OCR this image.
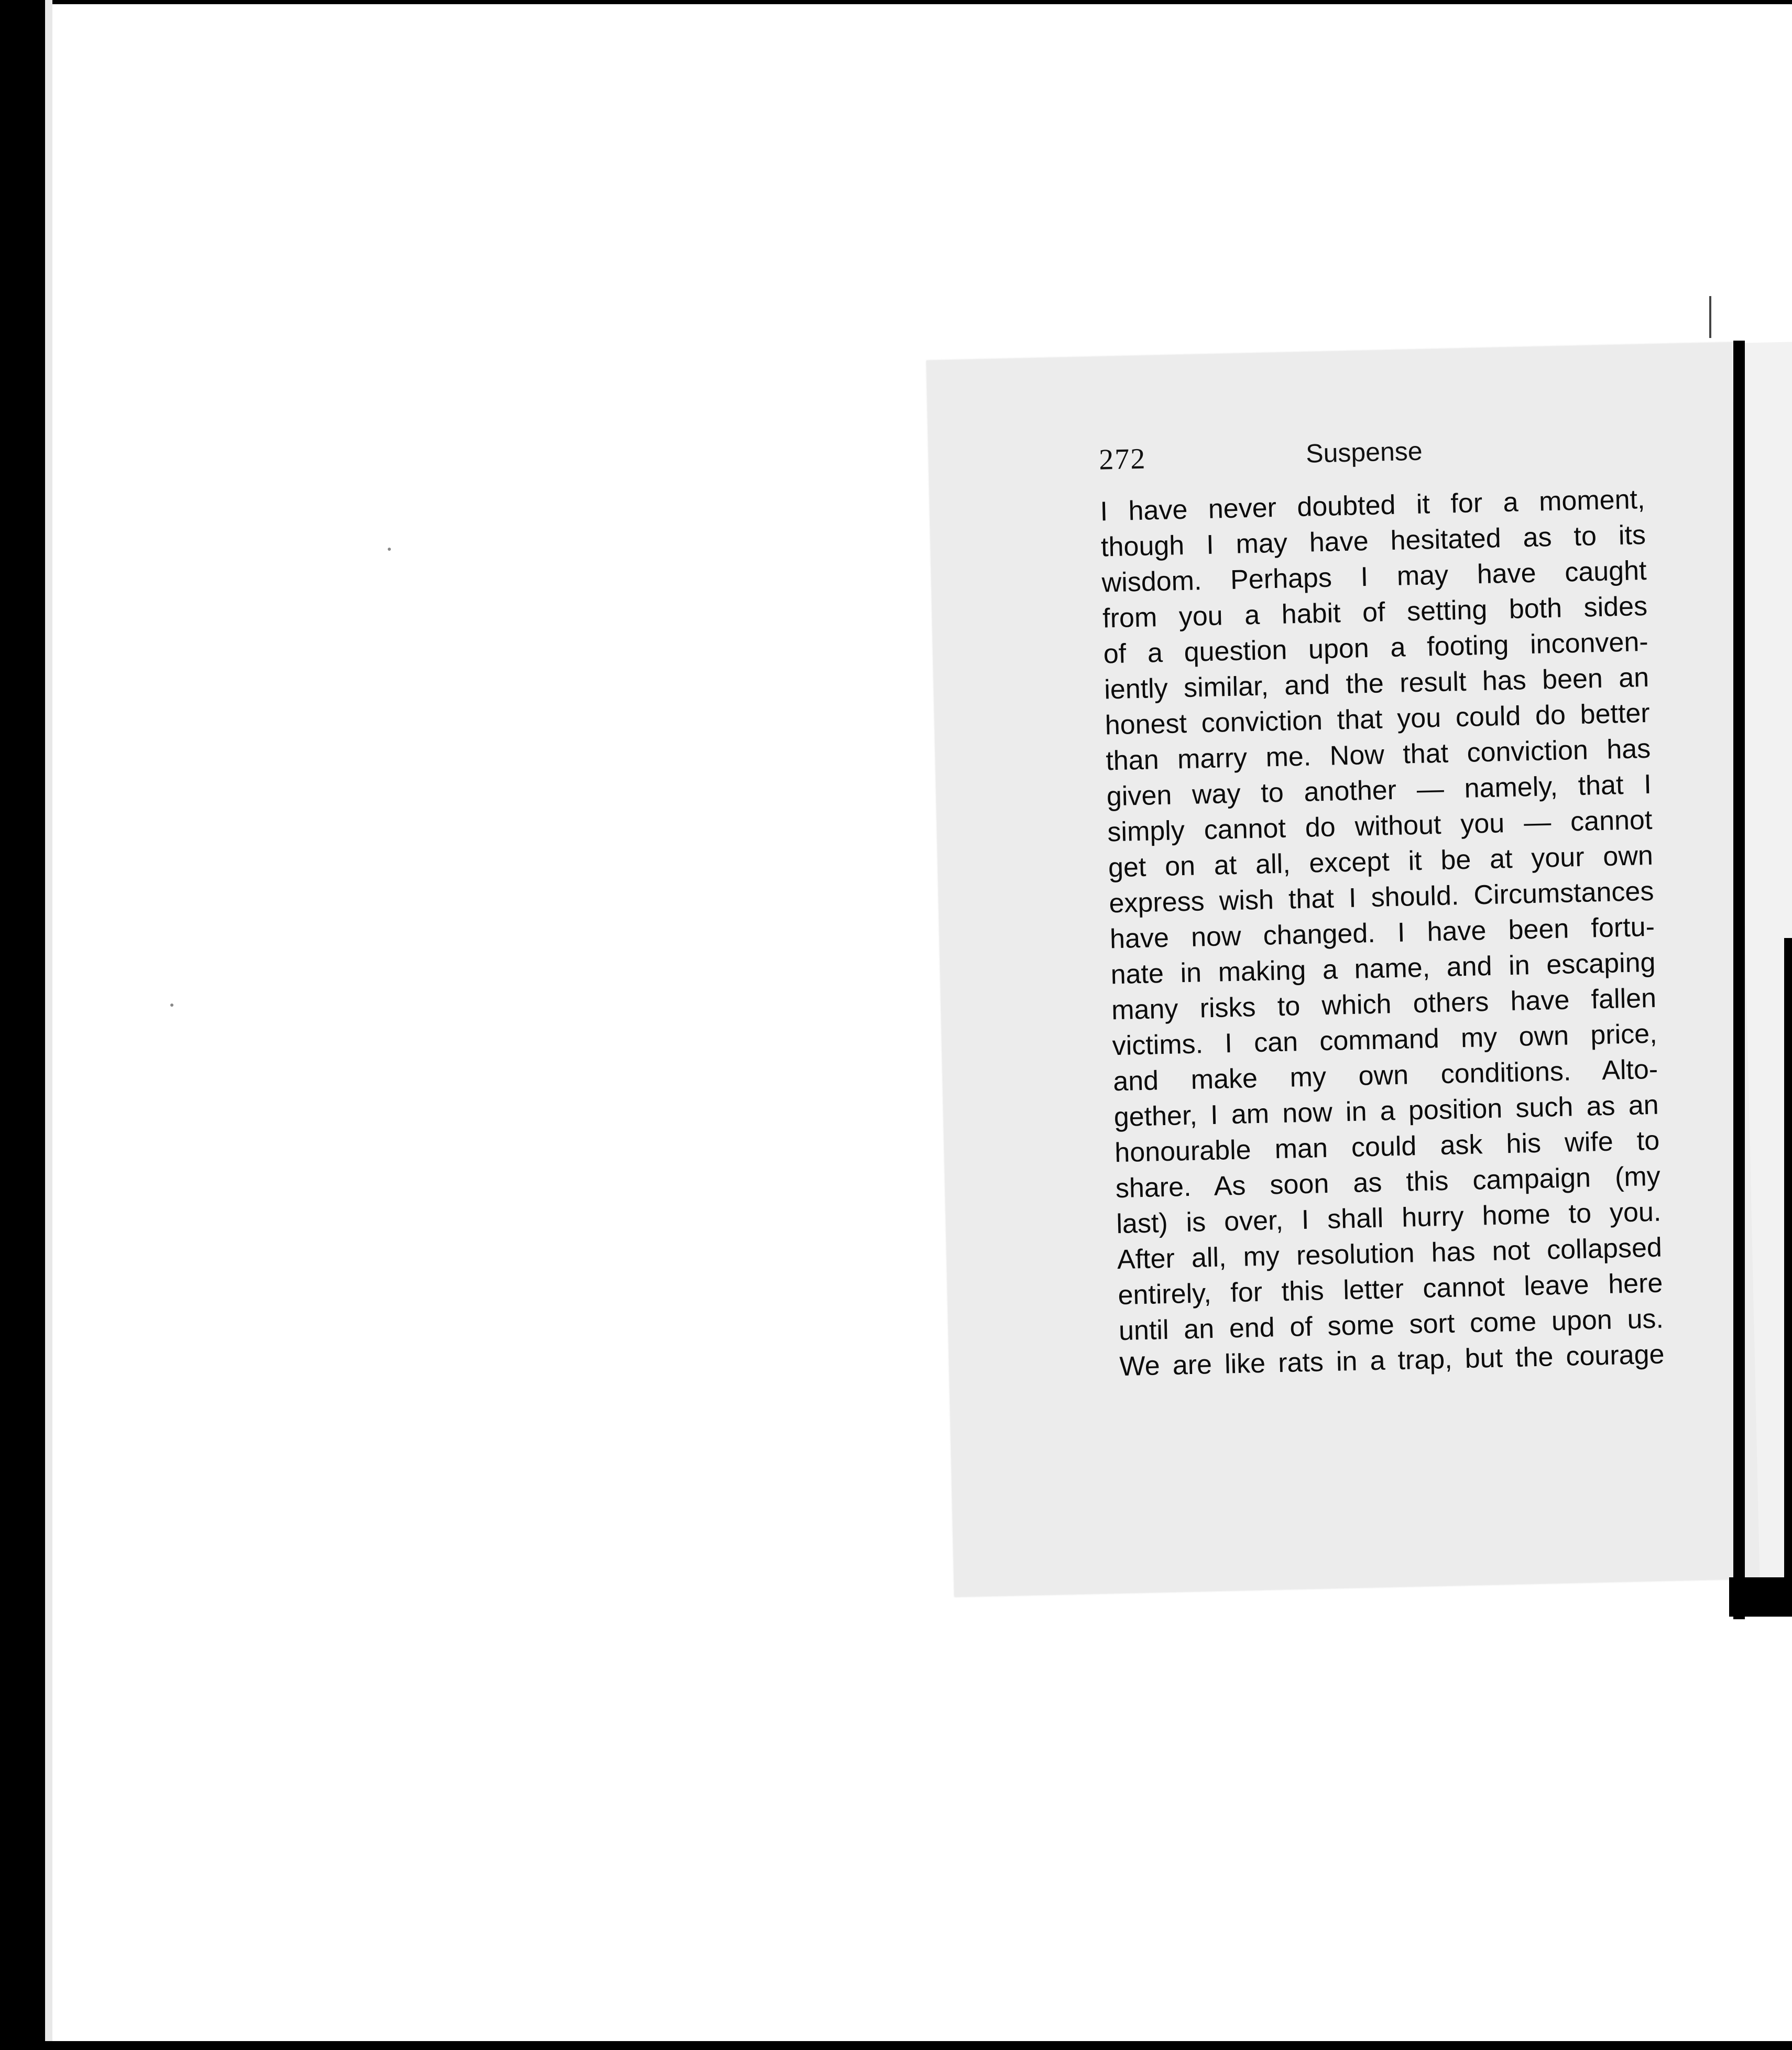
272	Suspense
I have never doubted it for a moment,
though I may have hesitated as to its
wisdom. Perhaps I may have caught
from you a habit of setting both sides
of a question upon a footing inconven-
iently similar, and the result has been an
honest conviction that you could do better
than marry me. Now that conviction has
given way to another — namely, that I
simply cannot do without you — cannot
get on at all, except it be at your own
express wish that I should. Circumstances
have now changed. I have been fortu-
nate in making a name, and in escaping
many risks to which others have fallen
victims. I can command my own price,
and make my own conditions. Alto-
gether, I am now in a position such as an
honourable man could ask his wife to
share. As soon as this campaign (my
last) is over, I shall hurry home to you.
After all, my resolution has not collapsed
entirely, for this letter cannot leave here
until an end of some sort come upon us.
We are like rats in a trap, but the courage
